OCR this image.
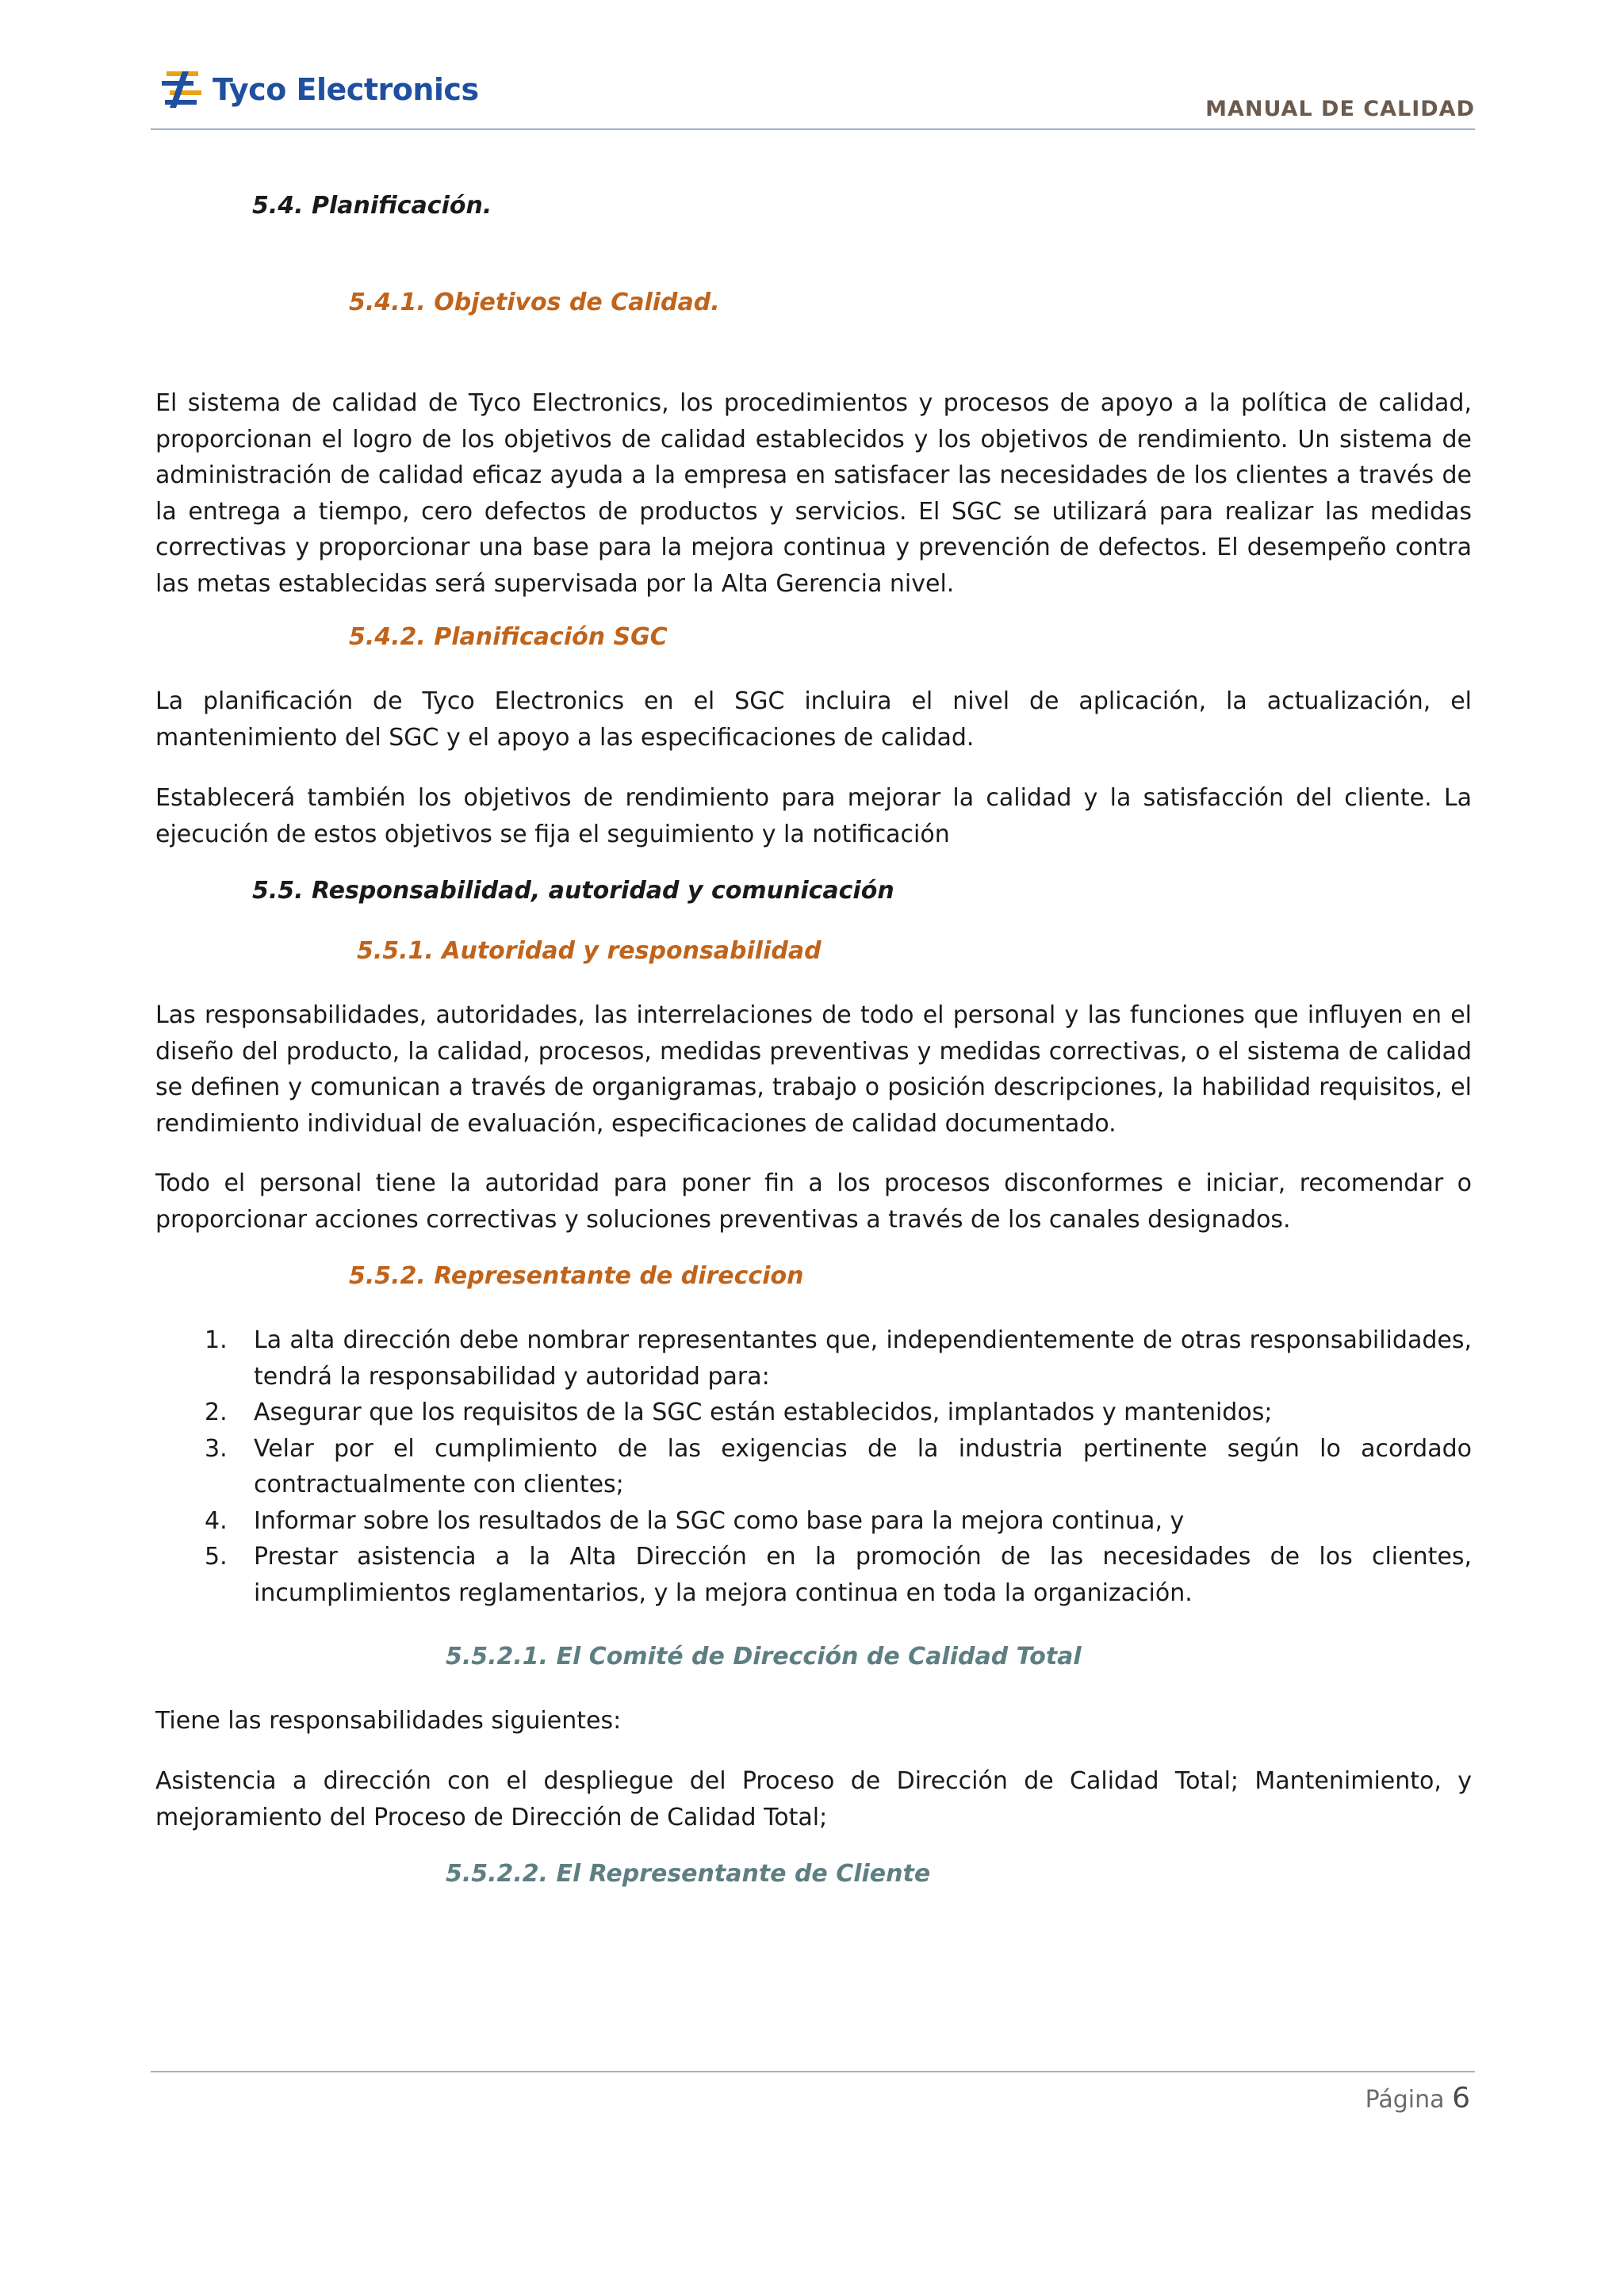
Tyco Electronics
MANUAL DE CALIDAD

5.4. Planificación.

5.4.1. Objetivos de Calidad.

El sistema de calidad de Tyco Electronics, los procedimientos y procesos de apoyo a la política de calidad, proporcionan el logro de los objetivos de calidad establecidos y los objetivos de rendimiento. Un sistema de administración de calidad eficaz ayuda a la empresa en satisfacer las necesidades de los clientes a través de la entrega a tiempo, cero defectos de productos y servicios. El SGC se utilizará para realizar las medidas correctivas y proporcionar una base para la mejora continua y prevención de defectos. El desempeño contra las metas establecidas será supervisada por la Alta Gerencia nivel.

5.4.2. Planificación SGC

La planificación de Tyco Electronics en el SGC incluira el nivel de aplicación, la actualización, el mantenimiento del SGC y el apoyo a las especificaciones de calidad.

Establecerá también los objetivos de rendimiento para mejorar la calidad y la satisfacción del cliente. La ejecución de estos objetivos se fija el seguimiento y la notificación

5.5. Responsabilidad, autoridad y comunicación

5.5.1. Autoridad y responsabilidad

Las responsabilidades, autoridades, las interrelaciones de todo el personal y las funciones que influyen en el diseño del producto, la calidad, procesos, medidas preventivas y medidas correctivas, o el sistema de calidad se definen y comunican a través de organigramas, trabajo o posición descripciones, la habilidad requisitos, el rendimiento individual de evaluación, especificaciones de calidad documentado.

Todo el personal tiene la autoridad para poner fin a los procesos disconformes e iniciar, recomendar o proporcionar acciones correctivas y soluciones preventivas a través de los canales designados.

5.5.2. Representante de direccion

1. La alta dirección debe nombrar representantes que, independientemente de otras responsabilidades, tendrá la responsabilidad y autoridad para:
2. Asegurar que los requisitos de la SGC están establecidos, implantados y mantenidos;
3. Velar por el cumplimiento de las exigencias de la industria pertinente según lo acordado contractualmente con clientes;
4. Informar sobre los resultados de la SGC como base para la mejora continua, y
5. Prestar asistencia a la Alta Dirección en la promoción de las necesidades de los clientes, incumplimientos reglamentarios, y la mejora continua en toda la organización.

5.5.2.1. El Comité de Dirección de Calidad Total

Tiene las responsabilidades siguientes:

Asistencia a dirección con el despliegue del Proceso de Dirección de Calidad Total; Mantenimiento, y mejoramiento del Proceso de Dirección de Calidad Total;

5.5.2.2. El Representante de Cliente

Página 6
